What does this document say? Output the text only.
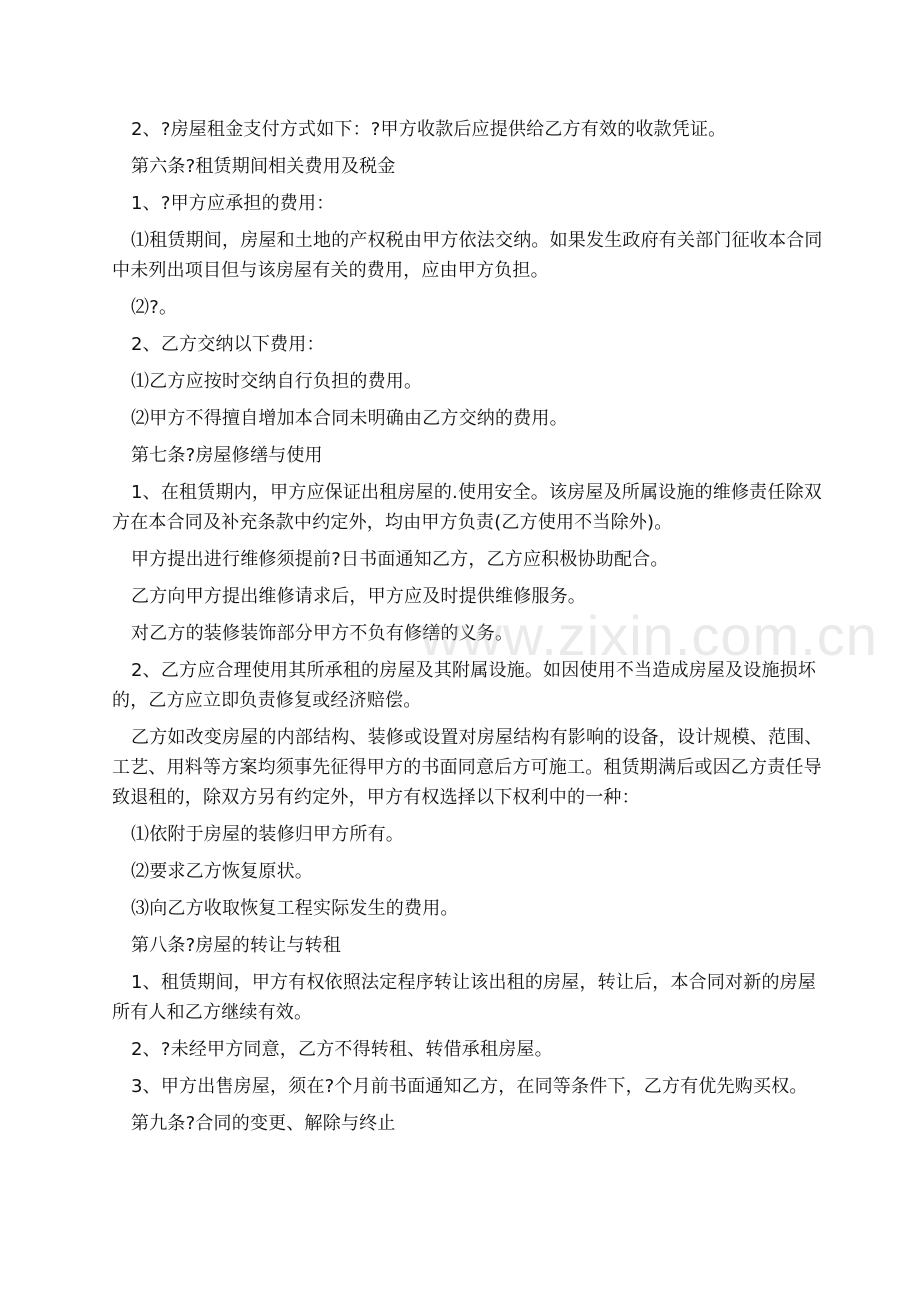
2、?房屋租金支付方式如下：?甲方收款后应提供给乙方有效的收款凭证。

第六条?租赁期间相关费用及税金

1、?甲方应承担的费用：

⑴租赁期间，房屋和土地的产权税由甲方依法交纳。如果发生政府有关部门征收本合同中未列出项目但与该房屋有关的费用，应由甲方负担。

⑵?。

2、乙方交纳以下费用：

⑴乙方应按时交纳自行负担的费用。

⑵甲方不得擅自增加本合同未明确由乙方交纳的费用。

第七条?房屋修缮与使用

1、在租赁期内，甲方应保证出租房屋的.使用安全。该房屋及所属设施的维修责任除双方在本合同及补充条款中约定外，均由甲方负责(乙方使用不当除外)。

甲方提出进行维修须提前?日书面通知乙方，乙方应积极协助配合。

乙方向甲方提出维修请求后，甲方应及时提供维修服务。

对乙方的装修装饰部分甲方不负有修缮的义务。

2、乙方应合理使用其所承租的房屋及其附属设施。如因使用不当造成房屋及设施损坏的，乙方应立即负责修复或经济赔偿。

乙方如改变房屋的内部结构、装修或设置对房屋结构有影响的设备，设计规模、范围、工艺、用料等方案均须事先征得甲方的书面同意后方可施工。租赁期满后或因乙方责任导致退租的，除双方另有约定外，甲方有权选择以下权利中的一种：

⑴依附于房屋的装修归甲方所有。

⑵要求乙方恢复原状。

⑶向乙方收取恢复工程实际发生的费用。

第八条?房屋的转让与转租

1、租赁期间，甲方有权依照法定程序转让该出租的房屋，转让后，本合同对新的房屋所有人和乙方继续有效。

2、?未经甲方同意，乙方不得转租、转借承租房屋。

3、甲方出售房屋，须在?个月前书面通知乙方，在同等条件下，乙方有优先购买权。

第九条?合同的变更、解除与终止

www.zixin.com.cn
